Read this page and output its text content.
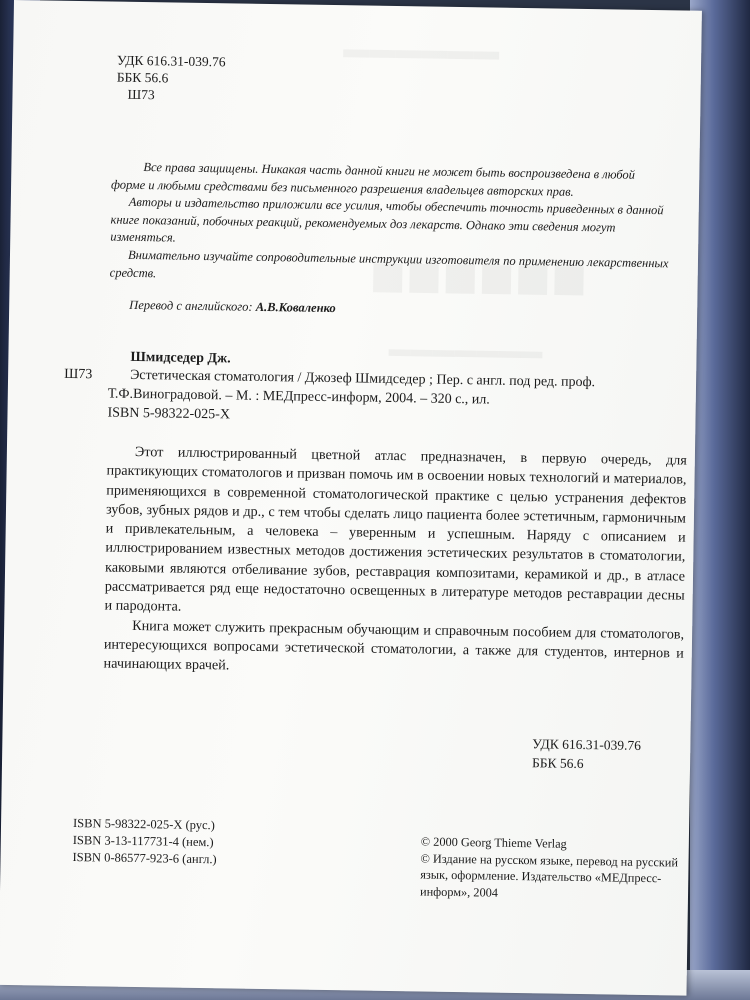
УДК 616.31-039.76
ББК 56.6
Ш73

Все права защищены. Никакая часть данной книги не может быть воспроизведена в любой форме и любыми средствами без письменного разрешения владельцев авторских прав.

Авторы и издательство приложили все усилия, чтобы обеспечить точность приведенных в данной книге показаний, побочных реакций, рекомендуемых доз лекарств. Однако эти сведения могут изменяться.

Внимательно изучайте сопроводительные инструкции изготовителя по применению лекарственных средств.

Перевод с английского: А.В.Коваленко
Шмидседер Дж.
Ш73	Эстетическая стоматология / Джозеф Шмидседер ; Пер. с англ. под ред. проф.
Т.Ф.Виноградовой. – М. : МЕДпресс-информ, 2004. – 320 с., ил.
ISBN 5-98322-025-X

Этот иллюстрированный цветной атлас предназначен, в первую очередь, для практикующих стоматологов и призван помочь им в освоении новых технологий и материалов, применяющихся в современной стоматологической практике с целью устранения дефектов зубов, зубных рядов и др., с тем чтобы сделать лицо пациента более эстетичным, гармоничным и привлекательным, а человека – уверенным и успешным. Наряду с описанием и иллюстрированием известных методов достижения эстетических результатов в стоматологии, каковыми являются отбеливание зубов, реставрация композитами, керамикой и др., в атласе рассматривается ряд еще недостаточно освещенных в литературе методов реставрации десны и пародонта.

Книга может служить прекрасным обучающим и справочным пособием для стоматологов, интересующихся вопросами эстетической стоматологии, а также для студентов, интернов и начинающих врачей.

УДК 616.31-039.76
ББК 56.6
ISBN 5-98322-025-X (рус.)
ISBN 3-13-117731-4 (нем.)
ISBN 0-86577-923-6 (англ.)

© 2000 Georg Thieme Verlag

© Издание на русском языке, перевод на русский язык, оформление. Издательство «МЕДпресс-информ», 2004
